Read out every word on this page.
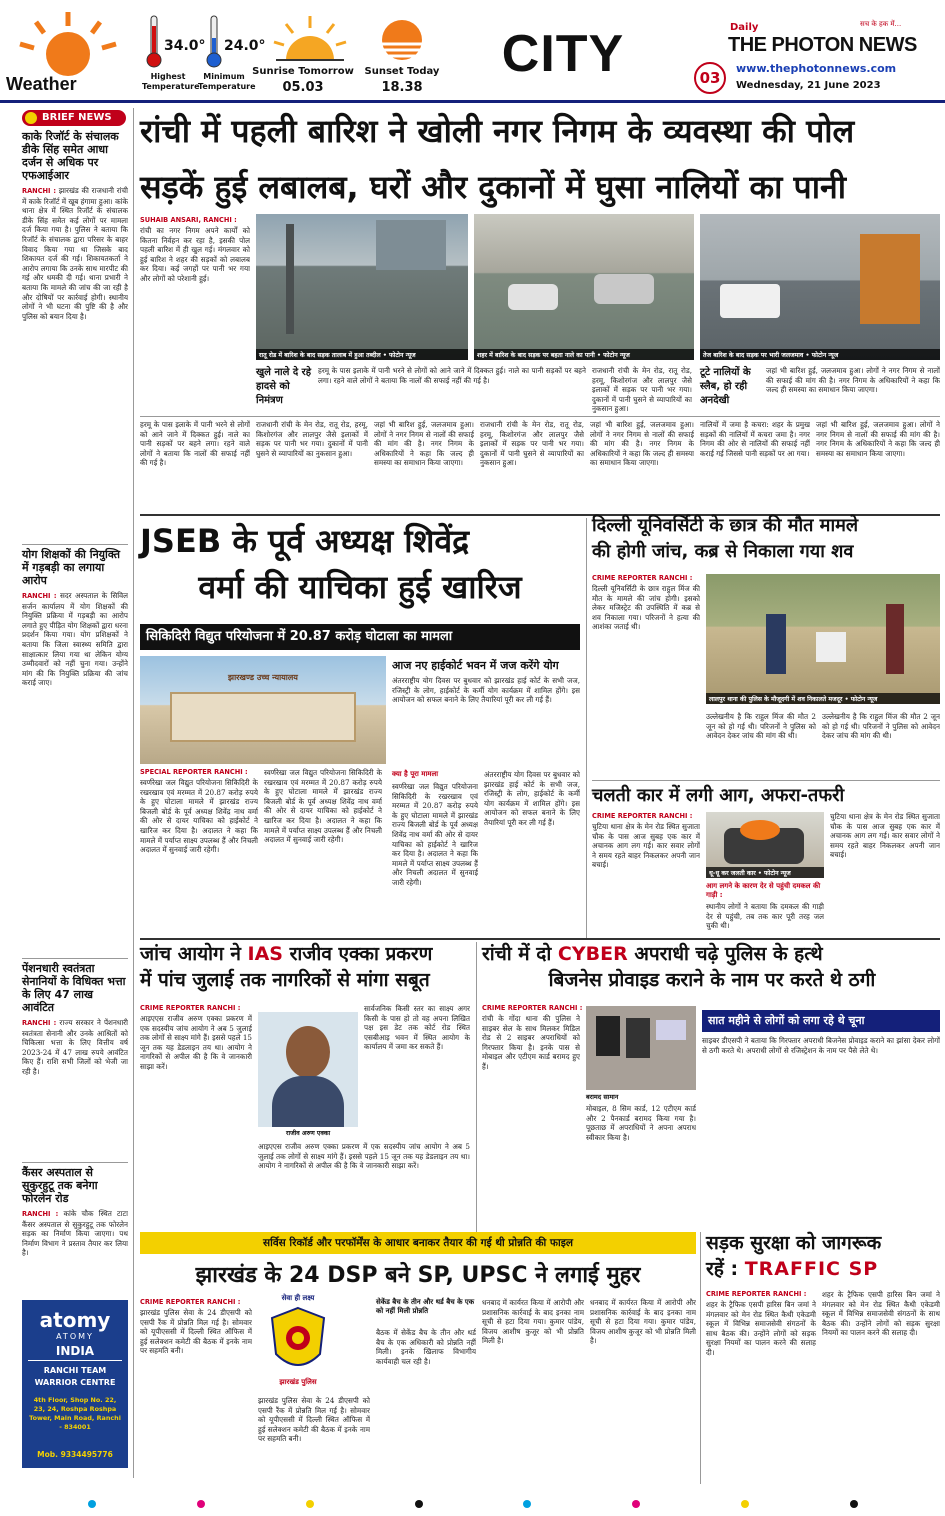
Weather
34.0°
Highest Temperature
24.0°
Minimum Temperature
Sunrise Tomorrow
05.03
Sunset Today
18.38
CITY	Daily	सच के हक में...
THE PHOTON NEWS
03
www.thephotonnews.com
Wednesday, 21 June 2023
BRIEF NEWS
काके रिजॉर्ट के संचालक डीके सिंह समेत आधा दर्जन से अधिक पर एफआईआर
RANCHI : झारखंड की राजधानी रांची में काके रिजॉर्ट में खूब हंगामा हुआ। कांके थाना क्षेत्र में स्थित रिजॉर्ट के संचालक डीके सिंह समेत कई लोगों पर मामला दर्ज किया गया है। पुलिस ने बताया कि रिजॉर्ट के संचालक द्वारा परिसर के बाहर विवाद किया गया था जिसके बाद शिकायत दर्ज की गई। शिकायतकर्ता ने आरोप लगाया कि उनके साथ मारपीट की गई और धमकी दी गई। थाना प्रभारी ने बताया कि मामले की जांच की जा रही है और दोषियों पर कार्रवाई होगी। स्थानीय लोगों ने भी घटना की पुष्टि की है और पुलिस को बयान दिया है।
योग शिक्षकों की नियुक्ति में गड़बड़ी का लगाया आरोप
RANCHI : सदर अस्पताल के सिविल सर्जन कार्यालय में योग शिक्षकों की नियुक्ति प्रक्रिया में गड़बड़ी का आरोप लगाते हुए पीड़ित योग शिक्षकों द्वारा धरना प्रदर्शन किया गया। योग प्रशिक्षकों ने बताया कि जिला स्वास्थ्य समिति द्वारा साक्षात्कार लिया गया था लेकिन योग्य उम्मीदवारों को नहीं चुना गया। उन्होंने मांग की कि नियुक्ति प्रक्रिया की जांच कराई जाए।
पेंशनधारी स्वतंत्रता सेनानियों के विधिक्त भत्ता के लिए 47 लाख आवंटित
RANCHI : राज्य सरकार ने पेंशनधारी स्वतंत्रता सेनानी और उनके आश्रितों को चिकित्सा भत्ता के लिए वित्तीय वर्ष 2023-24 में 47 लाख रुपये आवंटित किए हैं। राशि सभी जिलों को भेजी जा रही है।
कैंसर अस्पताल से सुकुरहुटू तक बनेगा फोरलेन रोड
RANCHI : कांके चौक स्थित टाटा कैंसर अस्पताल से सुकुरहुटू तक फोरलेन सड़क का निर्माण किया जाएगा। पथ निर्माण विभाग ने प्रस्ताव तैयार कर लिया है।
atomy
ATOMY
INDIA
RANCHI TEAM
WARRIOR CENTRE
4th Floor, Shop No. 22, 23, 24, Roshpa Roshpa Tower, Main Road, Ranchi - 834001
Mob. 9334495776
रांची में पहली बारिश ने खोली नगर निगम के व्यवस्था की पोल
सड़कें हुई लबालब, घरों और दुकानों में घुसा नालियों का पानी
SUHAIB ANSARI, RANCHI :
रांची का नगर निगम अपने कार्यों को कितना निर्वहन कर रहा है, इसकी पोल पहली बारिश में ही खुल गई। मंगलवार को हुई बारिश ने शहर की सड़कों को लबालब कर दिया। कई जगहों पर पानी भर गया और लोगों को परेशानी हुई।
रातू रोड में बारिश के बाद सड़क तालाब में हुआ तब्दील • फोटोन न्यूज	शहर में बारिश के बाद सड़क पर बहता नाले का पानी • फोटोन न्यूज	तेज बारिश के बाद सड़क पर भारी जलजमाव • फोटोन न्यूज
खुले नाले दे रहे हादसे को निमंत्रण
हरमू के पास इलाके में पानी भरने से लोगों को आने जाने में दिक्कत हुई। नाले का पानी सड़कों पर बहने लगा। रहने वाले लोगों ने बताया कि नालों की सफाई नहीं की गई है।
राजधानी रांची के मेन रोड, रातू रोड, हरमू, किशोरगंज और लालपुर जैसे इलाकों में सड़क पर पानी भर गया। दुकानों में पानी घुसने से व्यापारियों का नुकसान हुआ।
टूटे नालियों के स्लैब, हो रही अनदेखी
जहां भी बारिश हुई, जलजमाव हुआ। लोगों ने नगर निगम से नालों की सफाई की मांग की है। नगर निगम के अधिकारियों ने कहा कि जल्द ही समस्या का समाधान किया जाएगा।
हरमू के पास इलाके में पानी भरने से लोगों को आने जाने में दिक्कत हुई। नाले का पानी सड़कों पर बहने लगा। रहने वाले लोगों ने बताया कि नालों की सफाई नहीं की गई है।
राजधानी रांची के मेन रोड, रातू रोड, हरमू, किशोरगंज और लालपुर जैसे इलाकों में सड़क पर पानी भर गया। दुकानों में पानी घुसने से व्यापारियों का नुकसान हुआ।
जहां भी बारिश हुई, जलजमाव हुआ। लोगों ने नगर निगम से नालों की सफाई की मांग की है। नगर निगम के अधिकारियों ने कहा कि जल्द ही समस्या का समाधान किया जाएगा।
राजधानी रांची के मेन रोड, रातू रोड, हरमू, किशोरगंज और लालपुर जैसे इलाकों में सड़क पर पानी भर गया। दुकानों में पानी घुसने से व्यापारियों का नुकसान हुआ।
जहां भी बारिश हुई, जलजमाव हुआ। लोगों ने नगर निगम से नालों की सफाई की मांग की है। नगर निगम के अधिकारियों ने कहा कि जल्द ही समस्या का समाधान किया जाएगा।
नालियों में जमा है कचरा: शहर के प्रमुख सड़कों की नालियों में कचरा जमा है। नगर निगम की ओर से नालियों की सफाई नहीं कराई गई जिससे पानी सड़कों पर आ गया।
जहां भी बारिश हुई, जलजमाव हुआ। लोगों ने नगर निगम से नालों की सफाई की मांग की है। नगर निगम के अधिकारियों ने कहा कि जल्द ही समस्या का समाधान किया जाएगा।
JSEB के पूर्व अध्यक्ष शिवेंद्र
वर्मा की याचिका हुई खारिज
सिकिदिरी विद्युत परियोजना में 20.87 करोड़ घोटाला का मामला
झारखण्ड उच्च न्यायालय
आज नए हाईकोर्ट भवन में जज करेंगे योग
अंतरराष्ट्रीय योग दिवस पर बुधवार को झारखंड हाई कोर्ट के सभी जज, रजिस्ट्री के लोग, हाईकोर्ट के कर्मी योग कार्यक्रम में शामिल होंगे। इस आयोजन को सफल बनाने के लिए तैयारियां पूरी कर ली गई हैं।
SPECIAL REPORTER RANCHI :
स्वर्णरेखा जल विद्युत परियोजना सिकिदिरी के रखरखाव एवं मरम्मत में 20.87 करोड़ रुपये के हुए घोटाला मामले में झारखंड राज्य बिजली बोर्ड के पूर्व अध्यक्ष शिवेंद्र नाथ वर्मा की ओर से दायर याचिका को हाईकोर्ट ने खारिज कर दिया है। अदालत ने कहा कि मामले में पर्याप्त साक्ष्य उपलब्ध हैं और निचली अदालत में सुनवाई जारी रहेगी।
स्वर्णरेखा जल विद्युत परियोजना सिकिदिरी के रखरखाव एवं मरम्मत में 20.87 करोड़ रुपये के हुए घोटाला मामले में झारखंड राज्य बिजली बोर्ड के पूर्व अध्यक्ष शिवेंद्र नाथ वर्मा की ओर से दायर याचिका को हाईकोर्ट ने खारिज कर दिया है। अदालत ने कहा कि मामले में पर्याप्त साक्ष्य उपलब्ध हैं और निचली अदालत में सुनवाई जारी रहेगी।
क्या है पूरा मामला
स्वर्णरेखा जल विद्युत परियोजना सिकिदिरी के रखरखाव एवं मरम्मत में 20.87 करोड़ रुपये के हुए घोटाला मामले में झारखंड राज्य बिजली बोर्ड के पूर्व अध्यक्ष शिवेंद्र नाथ वर्मा की ओर से दायर याचिका को हाईकोर्ट ने खारिज कर दिया है। अदालत ने कहा कि मामले में पर्याप्त साक्ष्य उपलब्ध हैं और निचली अदालत में सुनवाई जारी रहेगी।
अंतरराष्ट्रीय योग दिवस पर बुधवार को झारखंड हाई कोर्ट के सभी जज, रजिस्ट्री के लोग, हाईकोर्ट के कर्मी योग कार्यक्रम में शामिल होंगे। इस आयोजन को सफल बनाने के लिए तैयारियां पूरी कर ली गई हैं।
दिल्ली यूनिवर्सिटी के छात्र की मौत मामले
की होगी जांच, कब्र से निकाला गया शव
CRIME REPORTER RANCHI :
दिल्ली यूनिवर्सिटी के छात्र राहुल मिंज की मौत के मामले की जांच होगी। इसको लेकर मजिस्ट्रेट की उपस्थिति में कब्र से शव निकाला गया। परिजनों ने हत्या की आशंका जताई थी।
लालपुर थाना की पुलिस के मौजूदगी में शव निकालते मजदूर • फोटोन न्यूज
उल्लेखनीय है कि राहुल मिंज की मौत 2 जून को हो गई थी। परिजनों ने पुलिस को आवेदन देकर जांच की मांग की थी।
उल्लेखनीय है कि राहुल मिंज की मौत 2 जून को हो गई थी। परिजनों ने पुलिस को आवेदन देकर जांच की मांग की थी।
चलती कार में लगी आग, अफरा-तफरी
CRIME REPORTER RANCHI :
चुटिया थाना क्षेत्र के मेन रोड स्थित सुजाता चौक के पास आज सुबह एक कार में अचानक आग लग गई। कार सवार लोगों ने समय रहते बाहर निकलकर अपनी जान बचाई।
धू-धू कर जलती कार • फोटोन न्यूज
चुटिया थाना क्षेत्र के मेन रोड स्थित सुजाता चौक के पास आज सुबह एक कार में अचानक आग लग गई। कार सवार लोगों ने समय रहते बाहर निकलकर अपनी जान बचाई।
आग लगने के कारण देर से पहुंची दमकल की गाड़ी :
स्थानीय लोगों ने बताया कि दमकल की गाड़ी देर से पहुंची, तब तक कार पूरी तरह जल चुकी थी।
जांच आयोग ने IAS राजीव एक्का प्रकरण
में पांच जुलाई तक नागरिकों से मांगा सबूत
CRIME REPORTER RANCHI :
आइएएस राजीव अरुण एक्का प्रकरण में एक सदस्यीय जांच आयोग ने अब 5 जुलाई तक लोगों से साक्ष्य मांगे हैं। इससे पहले 15 जून तक यह डेडलाइन तय था। आयोग ने नागरिकों से अपील की है कि वे जानकारी साझा करें।
राजीव अरुण एक्का
सार्वजनिक किसी स्तर का साक्ष्य अगर किसी के पास हो तो वह अपना लिखित पक्ष इस डेट तक कोर्ट रोड स्थित एसबीआइ भवन में स्थित आयोग के कार्यालय में जमा कर सकते हैं।
आइएएस राजीव अरुण एक्का प्रकरण में एक सदस्यीय जांच आयोग ने अब 5 जुलाई तक लोगों से साक्ष्य मांगे हैं। इससे पहले 15 जून तक यह डेडलाइन तय था। आयोग ने नागरिकों से अपील की है कि वे जानकारी साझा करें।
रांची में दो CYBER अपराधी चढ़े पुलिस के हत्थे
बिजनेस प्रोवाइड कराने के नाम पर करते थे ठगी
CRIME REPORTER RANCHI :
रांची के गोंदा थाना की पुलिस ने साइबर सेल के साथ मिलकर मिडिल रोड से 2 साइबर अपराधियों को गिरफ्तार किया है। इनके पास से मोबाइल और एटीएम कार्ड बरामद हुए हैं।
बरामद सामान
मोबाइल, 8 सिम कार्ड, 12 एटीएम कार्ड और 2 पैनकार्ड बरामद किया गया है। पूछताछ में अपराधियों ने अपना अपराध स्वीकार किया है।
सात महीने से लोगों को लगा रहे थे चूना
साइबर डीएसपी ने बताया कि गिरफ्तार अपराधी बिजनेस प्रोवाइड कराने का झांसा देकर लोगों से ठगी करते थे। अपराधी लोगों से रजिस्ट्रेशन के नाम पर पैसे लेते थे।
सर्विस रिकॉर्ड और परफॉर्मेंस के आधार बनाकर तैयार की गई थी प्रोन्नति की फाइल
झारखंड के 24 DSP बने SP, UPSC ने लगाई मुहर
CRIME REPORTER RANCHI :
झारखंड पुलिस सेवा के 24 डीएसपी को एसपी रैंक में प्रोन्नति मिल गई है। सोमवार को यूपीएससी में दिल्ली स्थित ऑफिस में हुई सलेक्शन कमेटी की बैठक में इनके नाम पर सहमति बनी।
सेवा ही लक्ष्य
झारखंड पुलिस
झारखंड पुलिस सेवा के 24 डीएसपी को एसपी रैंक में प्रोन्नति मिल गई है। सोमवार को यूपीएससी में दिल्ली स्थित ऑफिस में हुई सलेक्शन कमेटी की बैठक में इनके नाम पर सहमति बनी।
सेकेंड बैच के तीन और थर्ड बैच के एक को नहीं मिली प्रोन्नति
बैठक में सेकेंड बैच के तीन और थर्ड बैच के एक अधिकारी को प्रोन्नति नहीं मिली। इनके खिलाफ विभागीय कार्यवाही चल रही है।
धनबाद में कार्यरत किया में आरोपी और प्रशासनिक कार्रवाई के बाद इनका नाम सूची से हटा दिया गया। कुमार पांडेय, विजय आशीष कुजूर को भी प्रोन्नति मिली है।
धनबाद में कार्यरत किया में आरोपी और प्रशासनिक कार्रवाई के बाद इनका नाम सूची से हटा दिया गया। कुमार पांडेय, विजय आशीष कुजूर को भी प्रोन्नति मिली है।
सड़क सुरक्षा को जागरूक
रहें : TRAFFIC SP
CRIME REPORTER RANCHI :
शहर के ट्रैफिक एसपी हारिस बिन जमां ने मंगलवार को मेन रोड स्थित कैथी एकेडमी स्कूल में विभिन्न समाजसेवी संगठनों के साथ बैठक की। उन्होंने लोगों को सड़क सुरक्षा नियमों का पालन करने की सलाह दी।
शहर के ट्रैफिक एसपी हारिस बिन जमां ने मंगलवार को मेन रोड स्थित कैथी एकेडमी स्कूल में विभिन्न समाजसेवी संगठनों के साथ बैठक की। उन्होंने लोगों को सड़क सुरक्षा नियमों का पालन करने की सलाह दी।
